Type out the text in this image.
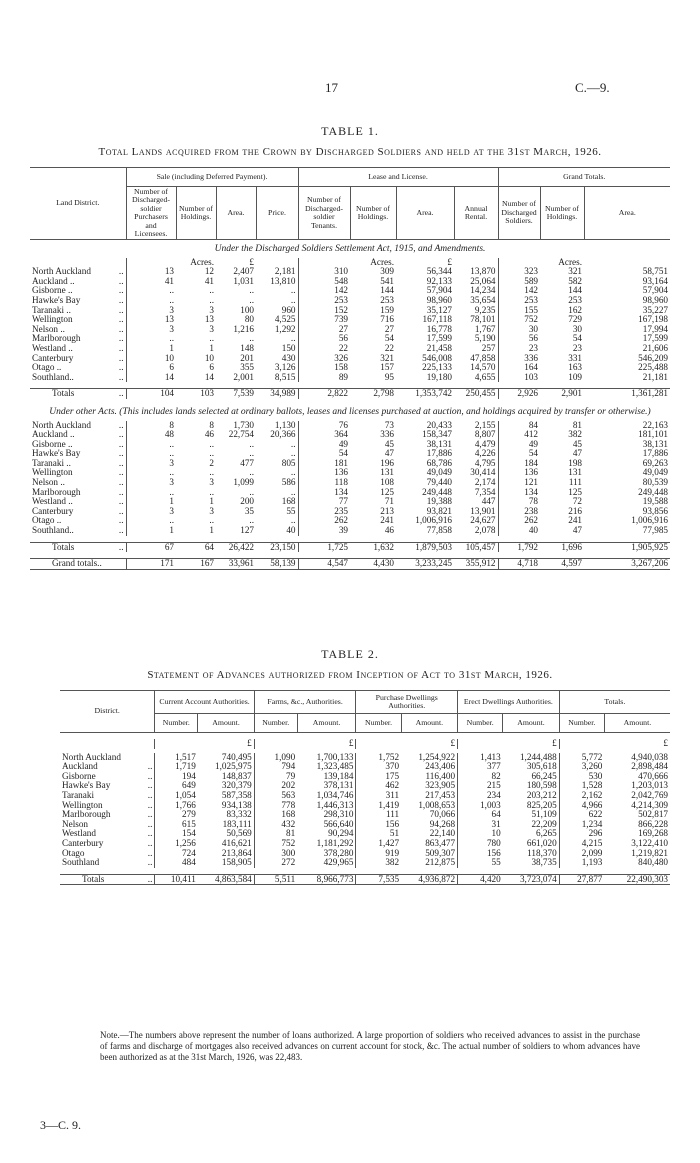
17	C.—9.
TABLE 1.
Total Lands acquired from the Crown by Discharged Soldiers and held at the 31st March, 1926.
Land District.		Sale (including Deferred Payment).				Lease and License.				Grand Totals.		
		Number of Discharged-soldier Purchasers and Licensees.	Number of Holdings.	Area.	Price.	Number of Discharged-soldier Tenants.	Number of Holdings.	Area.	Annual Rental.	Number of Discharged Soldiers.	Number of Holdings.	Area.

Under the Discharged Soldiers Settlement Act, 1915, and Amendments.												
			Acres.	£			Acres.	£			Acres.	
North Auckland	..	13	12	2,407	2,181	310	309	56,344	13,870	323	321	58,751
Auckland ..	..	41	41	1,031	13,810	548	541	92,133	25,064	589	582	93,164
Gisborne ..	..	..	..	..	..	142	144	57,904	14,234	142	144	57,904
Hawke's Bay	..	..	..	..	..	253	253	98,960	35,654	253	253	98,960
Taranaki ..	..	3	3	100	960	152	159	35,127	9,235	155	162	35,227
Wellington	..	13	13	80	4,525	739	716	167,118	78,101	752	729	167,198
Nelson ..	..	3	3	1,216	1,292	27	27	16,778	1,767	30	30	17,994
Marlborough	..	..	..	..	..	56	54	17,599	5,190	56	54	17,599
Westland ..	..	1	1	148	150	22	22	21,458	257	23	23	21,606
Canterbury	..	10	10	201	430	326	321	546,008	47,858	336	331	546,209
Otago ..	..	6	6	355	3,126	158	157	225,133	14,570	164	163	225,488
Southland..	..	14	14	2,001	8,515	89	95	19,180	4,655	103	109	21,181

Totals	..	104	103	7,539	34,989	2,822	2,798	1,353,742	250,455	2,926	2,901	1,361,281

Under other Acts. (This includes lands selected at ordinary ballots, leases and licenses purchased at auction, and holdings acquired by transfer or otherwise.)												
North Auckland	..	8	8	1,730	1,130	76	73	20,433	2,155	84	81	22,163
Auckland ..	..	48	46	22,754	20,366	364	336	158,347	8,807	412	382	181,101
Gisborne ..	..	..	..	..	..	49	45	38,131	4,479	49	45	38,131
Hawke's Bay	..	..	..	..	..	54	47	17,886	4,226	54	47	17,886
Taranaki ..	..	3	2	477	805	181	196	68,786	4,795	184	198	69,263
Wellington	..	..	..	..	..	136	131	49,049	30,414	136	131	49,049
Nelson ..	..	3	3	1,099	586	118	108	79,440	2,174	121	111	80,539
Marlborough	..	..	..	..	..	134	125	249,448	7,354	134	125	249,448
Westland ..	..	1	1	200	168	77	71	19,388	447	78	72	19,588
Canterbury	..	3	3	35	55	235	213	93,821	13,901	238	216	93,856
Otago ..	..	..	..	..	..	262	241	1,006,916	24,627	262	241	1,006,916
Southland..	..	1	1	127	40	39	46	77,858	2,078	40	47	77,985

Totals	..	67	64	26,422	23,150	1,725	1,632	1,879,503	105,457	1,792	1,696	1,905,925

Grand totals..		171	167	33,961	58,139	4,547	4,430	3,233,245	355,912	4,718	4,597	3,267,206
TABLE 2.
Statement of Advances authorized from Inception of Act to 31st March, 1926.
District.		Current Account Authorities.		Farms, &c., Authorities.		Purchase Dwellings Authorities.		Erect Dwellings Authorities.		Totals.	
		Number.	Amount.	Number.	Amount.	Number.	Amount.	Number.	Amount.	Number.	Amount.

			£		£		£		£		£

North Auckland		1,517	740,495	1,090	1,700,133	1,752	1,254,922	1,413	1,244,488	5,772	4,940,038
Auckland	..	1,719	1,025,975	794	1,323,485	370	243,406	377	305,618	3,260	2,898,484
Gisborne	..	194	148,837	79	139,184	175	116,400	82	66,245	530	470,666
Hawke's Bay	..	649	320,379	202	378,131	462	323,905	215	180,598	1,528	1,203,013
Taranaki	..	1,054	587,358	563	1,034,746	311	217,453	234	203,212	2,162	2,042,769
Wellington	..	1,766	934,138	778	1,446,313	1,419	1,008,653	1,003	825,205	4,966	4,214,309
Marlborough	..	279	83,332	168	298,310	111	70,066	64	51,109	622	502,817
Nelson	..	615	183,111	432	566,640	156	94,268	31	22,209	1,234	866,228
Westland	..	154	50,569	81	90,294	51	22,140	10	6,265	296	169,268
Canterbury	..	1,256	416,621	752	1,181,292	1,427	863,477	780	661,020	4,215	3,122,410
Otago	..	724	213,864	300	378,280	919	509,307	156	118,370	2,099	1,219,821
Southland	..	484	158,905	272	429,965	382	212,875	55	38,735	1,193	840,480

Totals	..	10,411	4,863,584	5,511	8,966,773	7,535	4,936,872	4,420	3,723,074	27,877	22,490,303
Note.—The numbers above represent the number of loans authorized. A large proportion of soldiers who received advances to assist in the purchase of farms and discharge of mortgages also received advances on current account for stock, &c. The actual number of soldiers to whom advances have been authorized as at the 31st March, 1926, was 22,483.
3—C. 9.
